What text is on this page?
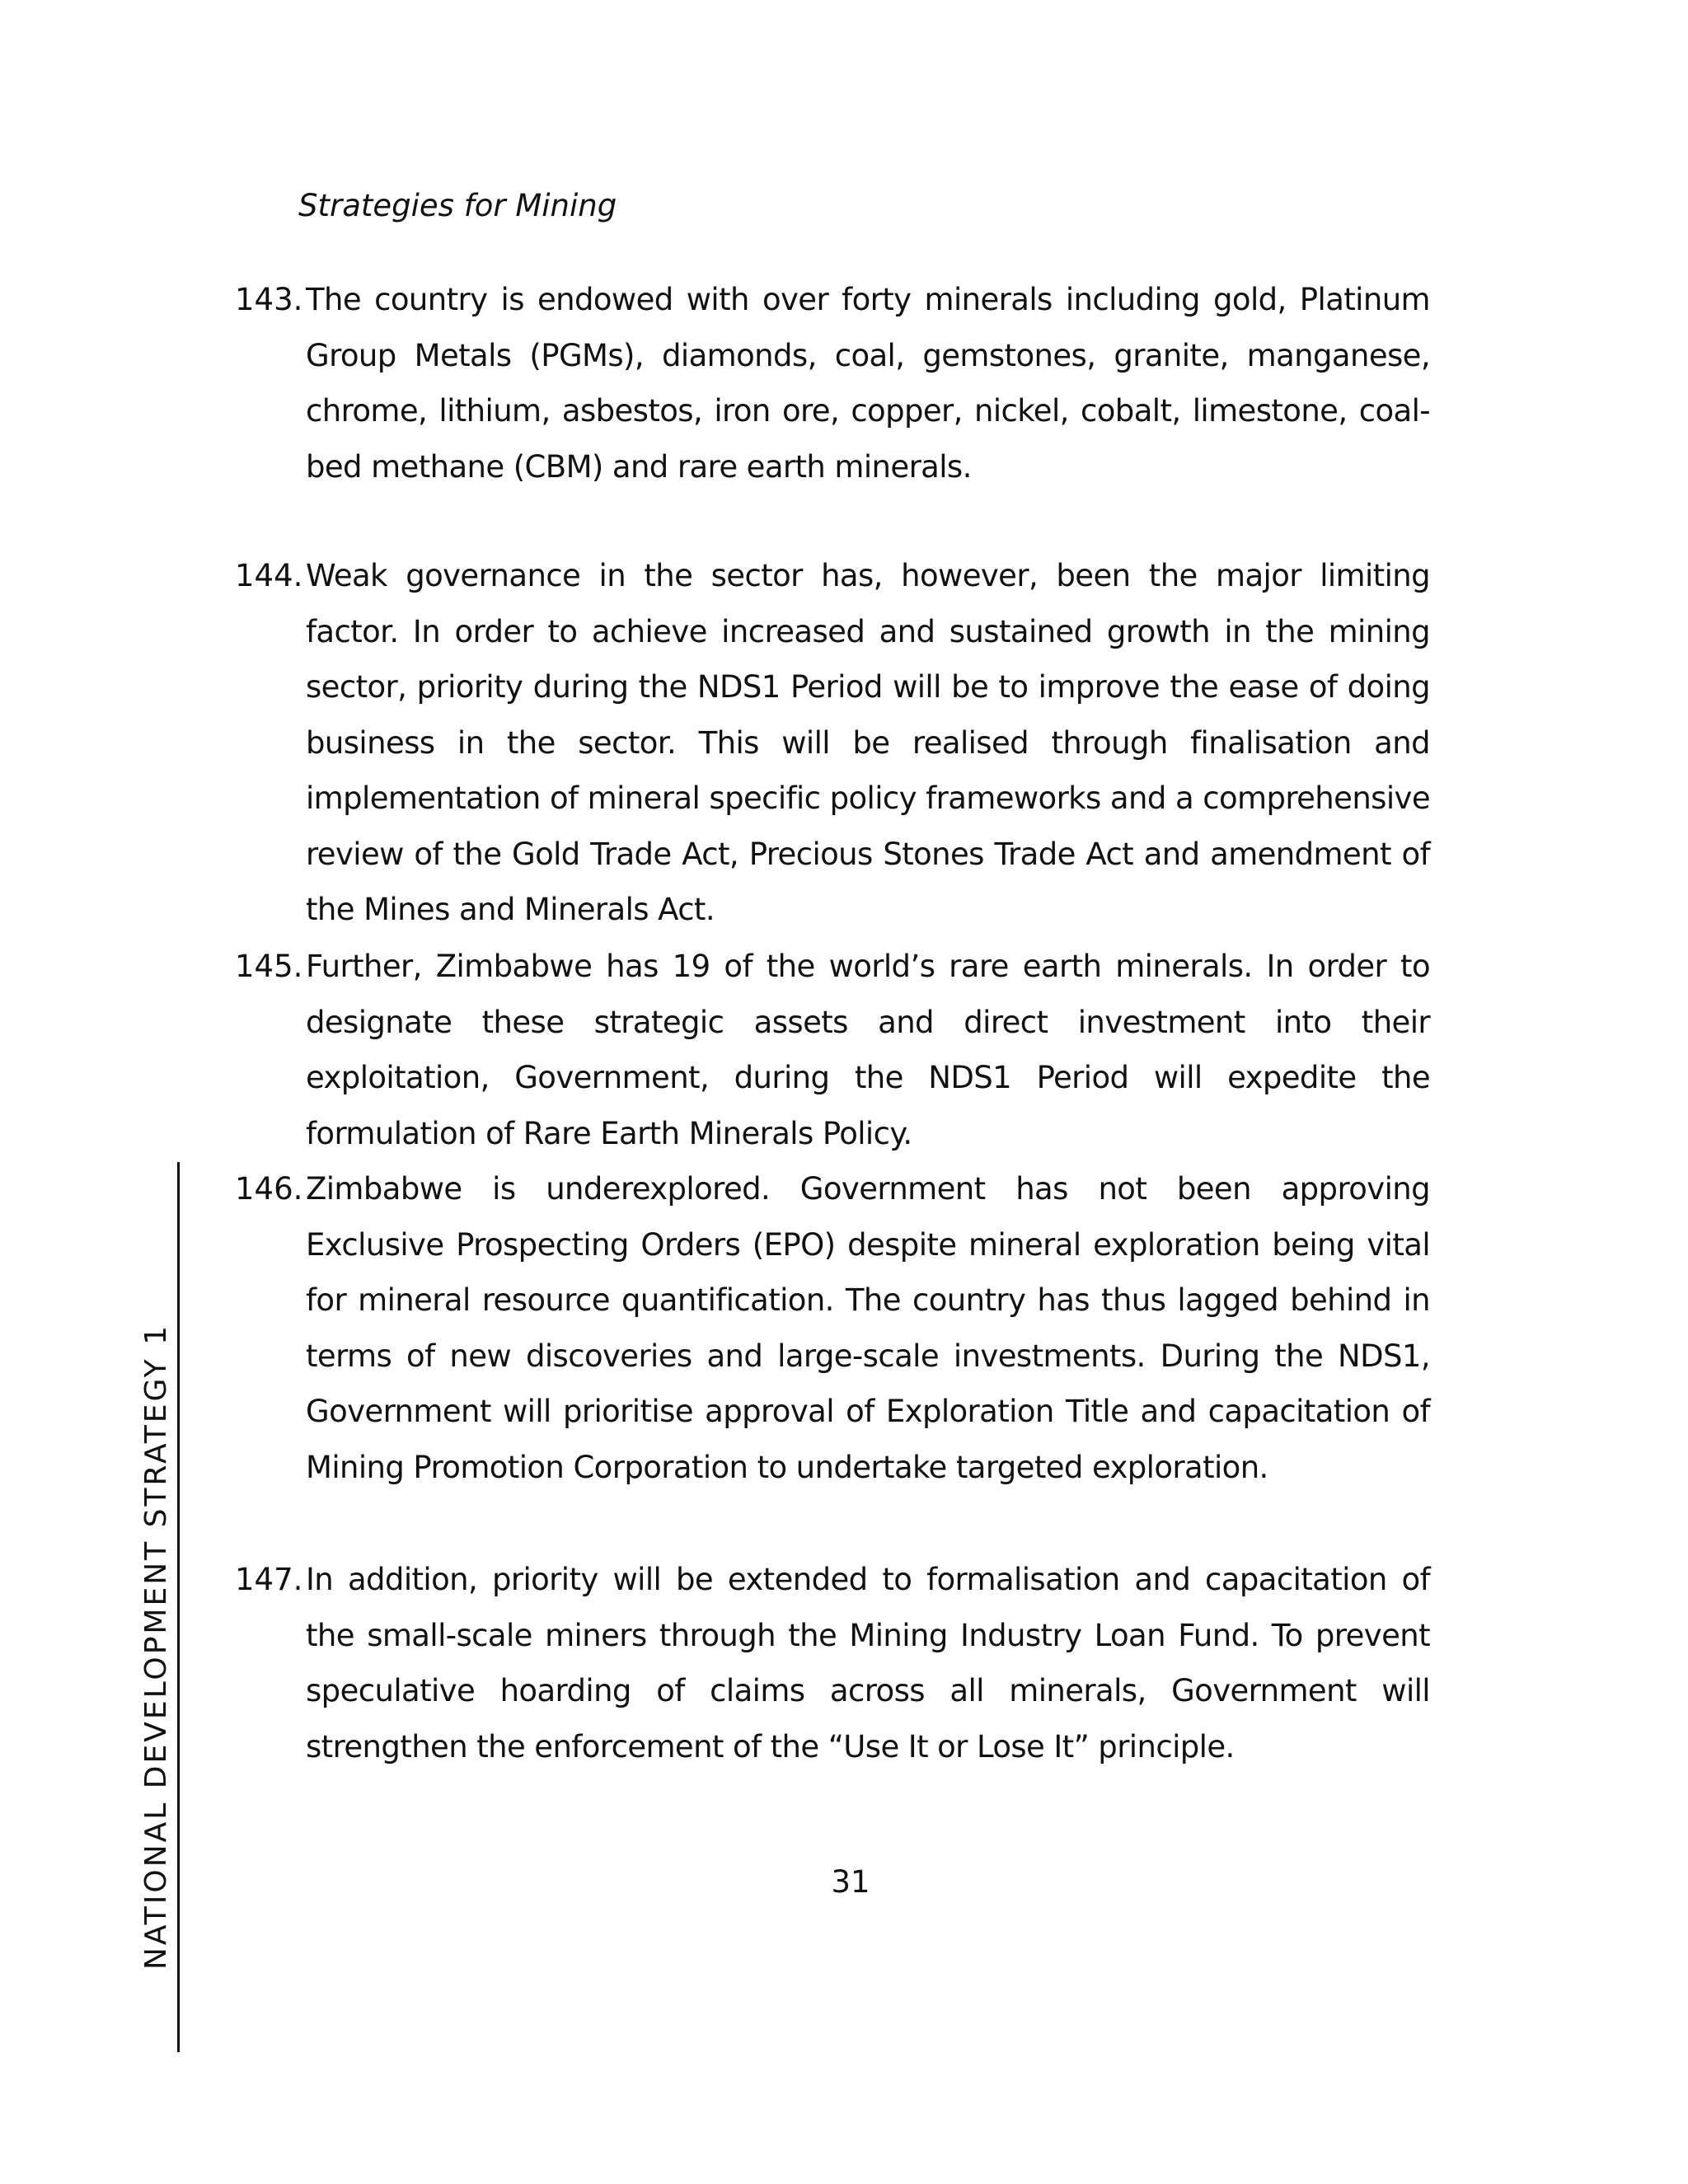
Strategies for Mining
143. The country is endowed with over forty minerals including gold, Platinum Group Metals (PGMs), diamonds, coal, gemstones, granite, manganese, chrome, lithium, asbestos, iron ore, copper, nickel, cobalt, limestone, coal-bed methane (CBM) and rare earth minerals.
144. Weak governance in the sector has, however, been the major limiting factor. In order to achieve increased and sustained growth in the mining sector, priority during the NDS1 Period will be to improve the ease of doing business in the sector. This will be realised through finalisation and implementation of mineral specific policy frameworks and a comprehensive review of the Gold Trade Act, Precious Stones Trade Act and amendment of the Mines and Minerals Act.
145. Further, Zimbabwe has 19 of the world’s rare earth minerals. In order to designate these strategic assets and direct investment into their exploitation, Government, during the NDS1 Period will expedite the formulation of Rare Earth Minerals Policy.
146. Zimbabwe is underexplored. Government has not been approving Exclusive Prospecting Orders (EPO) despite mineral exploration being vital for mineral resource quantification. The country has thus lagged behind in terms of new discoveries and large-scale investments. During the NDS1, Government will prioritise approval of Exploration Title and capacitation of Mining Promotion Corporation to undertake targeted exploration.
147. In addition, priority will be extended to formalisation and capacitation of the small-scale miners through the Mining Industry Loan Fund. To prevent speculative hoarding of claims across all minerals, Government will strengthen the enforcement of the “Use It or Lose It” principle.
31
NATIONAL DEVELOPMENT STRATEGY 1
